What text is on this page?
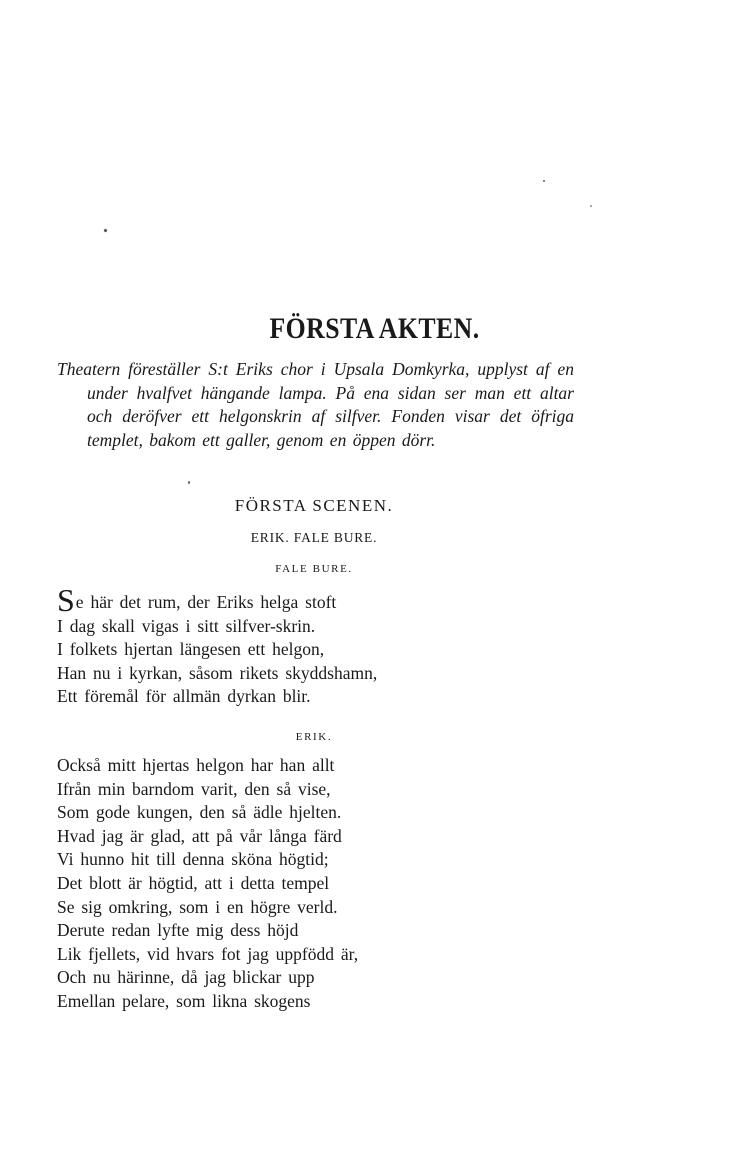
FÖRSTA AKTEN.
Theatern föreställer S:t Eriks chor i Upsala Domkyrka, upplyst af en under hvalfvet hängande lampa. På ena sidan ser man ett altar och deröfver ett helgonskrin af silfver. Fonden visar det öfriga templet, bakom ett galler, genom en öppen dörr.
FÖRSTA SCENEN.
ERIK. FALE BURE.
FALE BURE.
Se här det rum, der Eriks helga stoft
I dag skall vigas i sitt silfver-skrin.
I folkets hjertan längesen ett helgon,
Han nu i kyrkan, såsom rikets skyddshamn,
Ett föremål för allmän dyrkan blir.
ERIK.
Också mitt hjertas helgon har han allt
Ifrån min barndom varit, den så vise,
Som gode kungen, den så ädle hjelten.
Hvad jag är glad, att på vår långa färd
Vi hunno hit till denna sköna högtid;
Det blott är högtid, att i detta tempel
Se sig omkring, som i en högre verld.
Derute redan lyfte mig dess höjd
Lik fjellets, vid hvars fot jag uppfödd är,
Och nu härinne, då jag blickar upp
Emellan pelare, som likna skogens
